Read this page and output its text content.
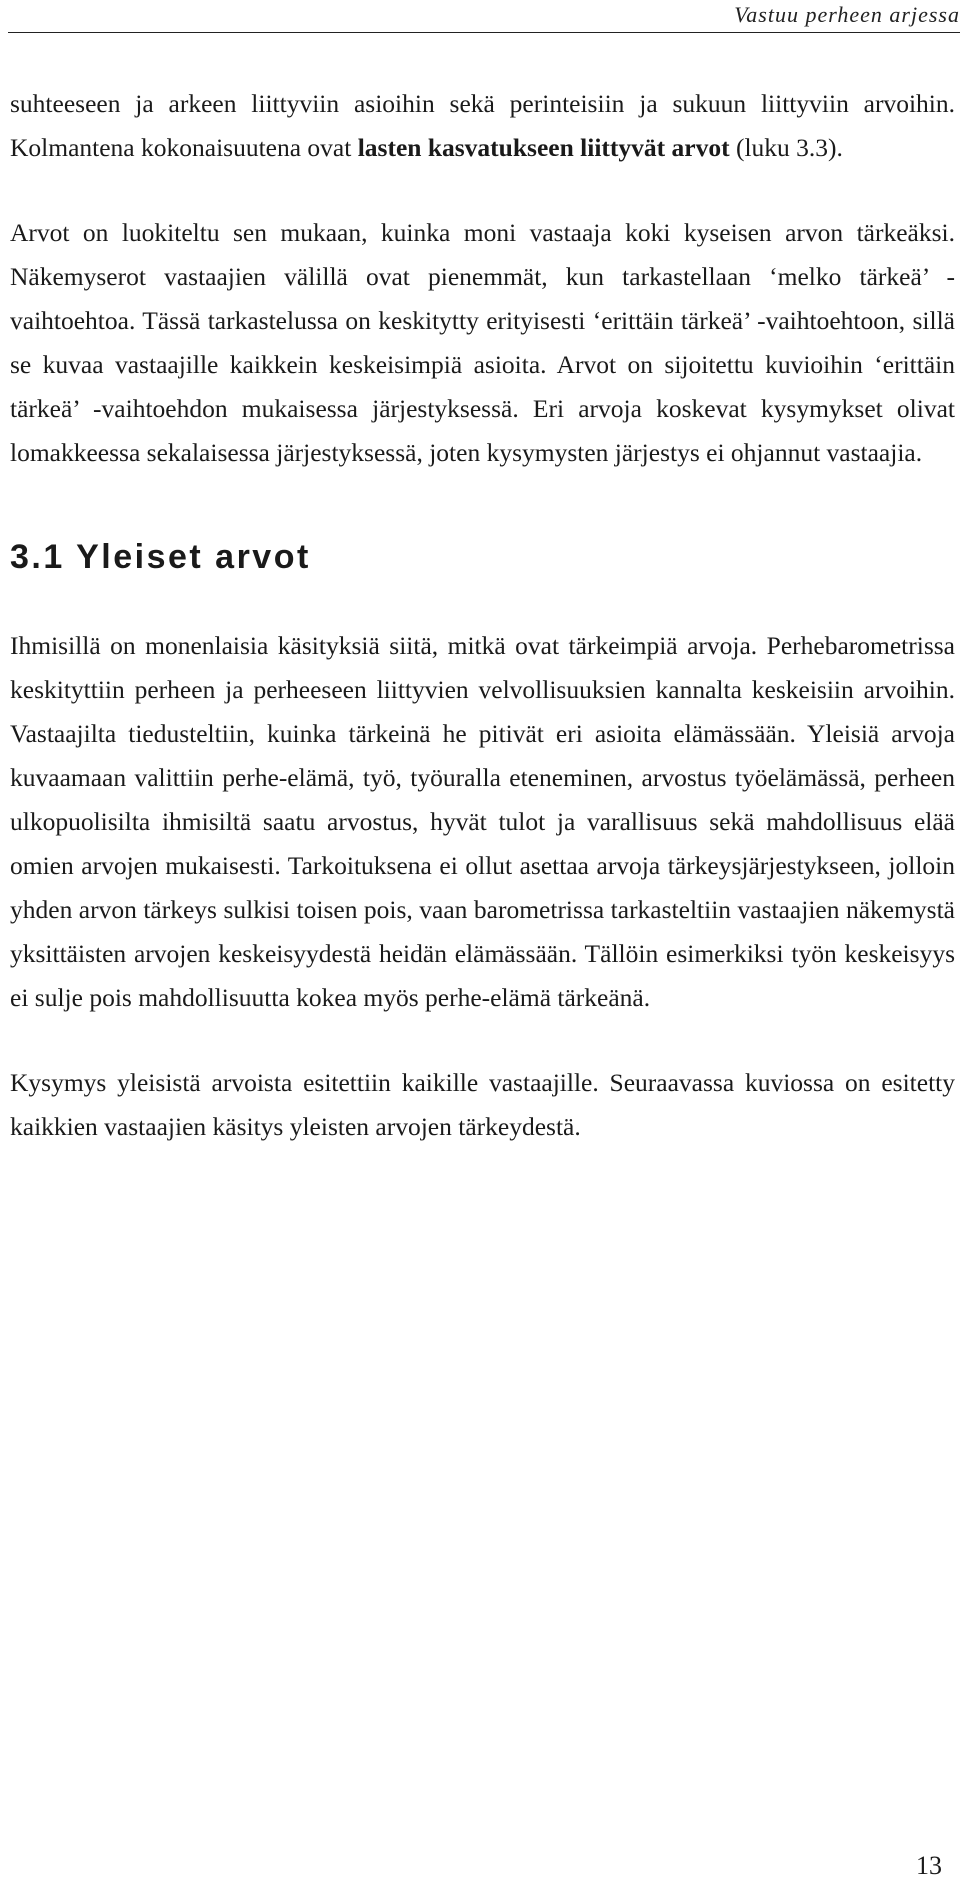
Vastuu perheen arjessa

suhteeseen ja arkeen liittyviin asioihin sekä perinteisiin ja sukuun liittyviin arvoihin. Kolmantena kokonaisuutena ovat lasten kasvatukseen liittyvät arvot (luku 3.3).

Arvot on luokiteltu sen mukaan, kuinka moni vastaaja koki kyseisen arvon tärkeäksi. Näkemyserot vastaajien välillä ovat pienemmät, kun tarkastellaan ‘melko tärkeä’ -vaihtoehtoa. Tässä tarkastelussa on keskitytty erityisesti ‘erittäin tärkeä’ -vaihtoehtoon, sillä se kuvaa vastaajille kaikkein keskeisimpiä asioita. Arvot on sijoitettu kuvioihin ‘erittäin tärkeä’ -vaihtoehdon mukaisessa järjestyksessä. Eri arvoja koskevat kysymykset olivat lomakkeessa sekalaisessa järjestyksessä, joten kysymysten järjestys ei ohjannut vastaajia.

3.1 Yleiset arvot

Ihmisillä on monenlaisia käsityksiä siitä, mitkä ovat tärkeimpiä arvoja. Perhebarometrissa keskityttiin perheen ja perheeseen liittyvien velvollisuuksien kannalta keskeisiin arvoihin. Vastaajilta tiedusteltiin, kuinka tärkeinä he pitivät eri asioita elämässään. Yleisiä arvoja kuvaamaan valittiin perhe-elämä, työ, työuralla eteneminen, arvostus työelämässä, perheen ulkopuolisilta ihmisiltä saatu arvostus, hyvät tulot ja varallisuus sekä mahdollisuus elää omien arvojen mukaisesti. Tarkoituksena ei ollut asettaa arvoja tärkeysjärjestykseen, jolloin yhden arvon tärkeys sulkisi toisen pois, vaan barometrissa tarkasteltiin vastaajien näkemystä yksittäisten arvojen keskeisyydestä heidän elämässään. Tällöin esimerkiksi työn keskeisyys ei sulje pois mahdollisuutta kokea myös perhe-elämä tärkeänä.

Kysymys yleisistä arvoista esitettiin kaikille vastaajille. Seuraavassa kuviossa on esitetty kaikkien vastaajien käsitys yleisten arvojen tärkeydestä.

13
